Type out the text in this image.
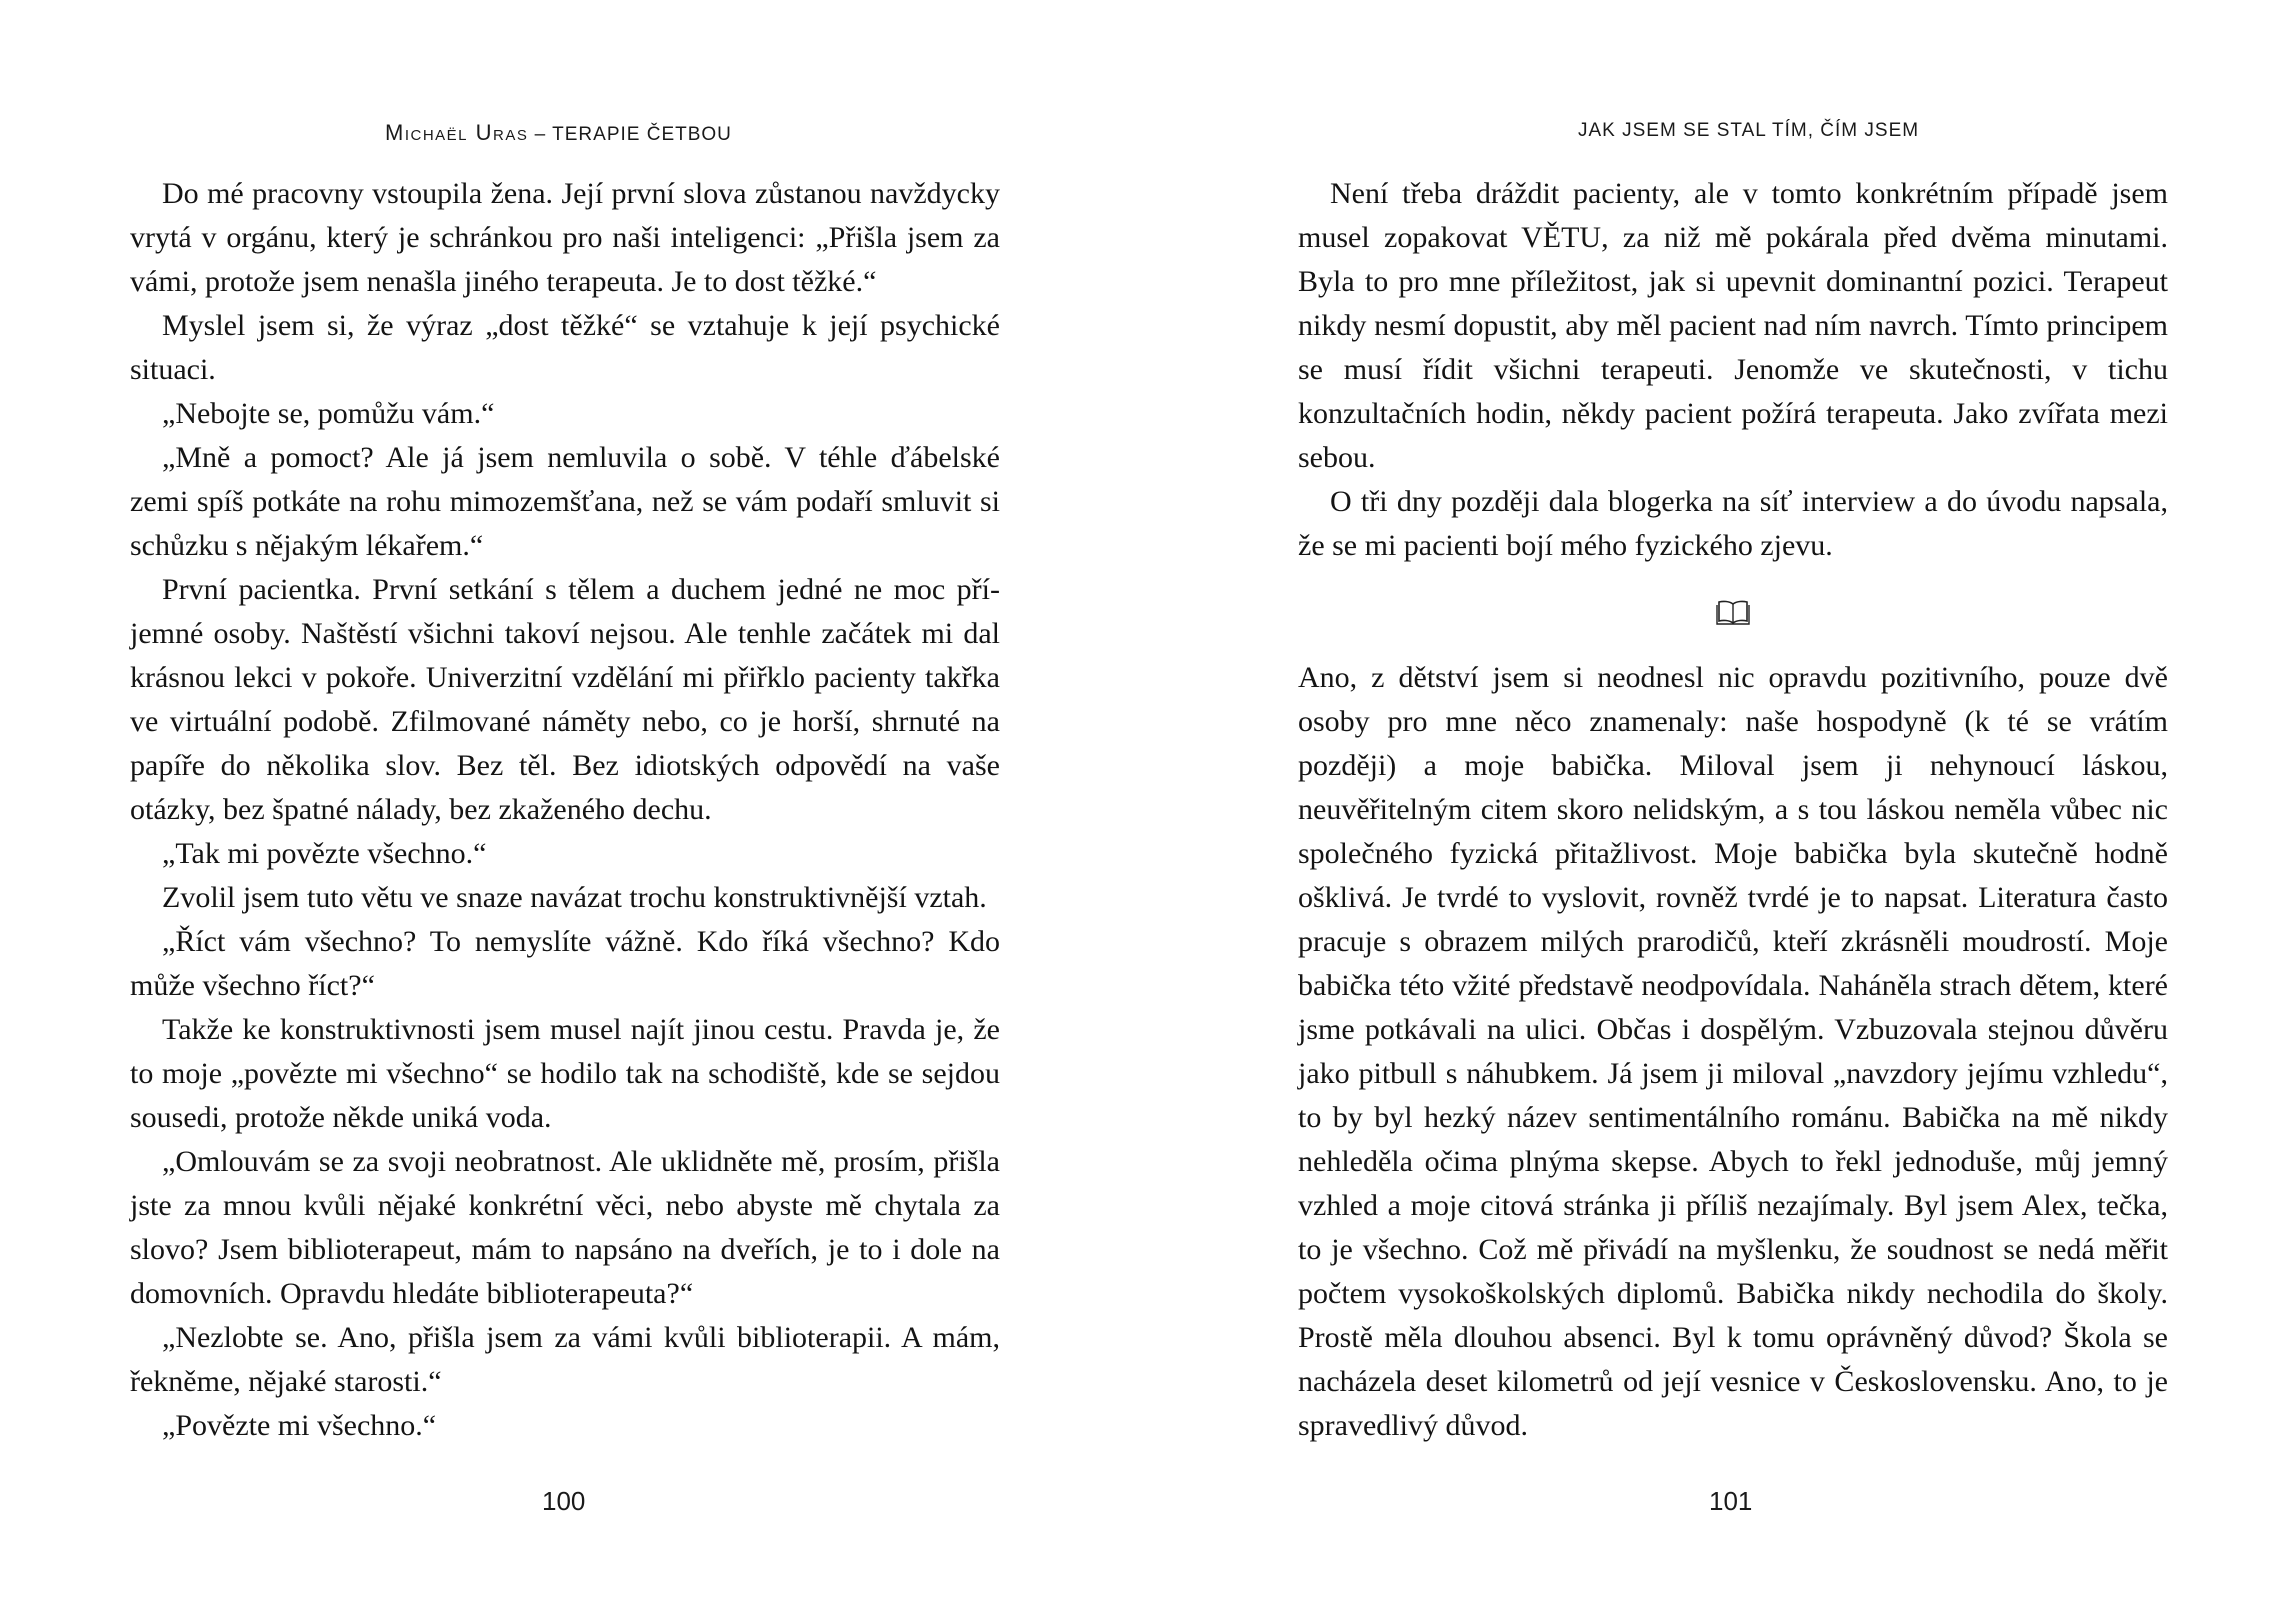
Michaël Uras – TERAPIE ČETBOU

Do mé pracovny vstoupila žena. Její první slova zůstanou navždycky vrytá v orgánu, který je schránkou pro naši inteligenci: „Přišla jsem za vámi, protože jsem nenašla jiného terapeuta. Je to dost těžké.“

Myslel jsem si, že výraz „dost těžké“ se vztahuje k její psychické situaci.

„Nebojte se, pomůžu vám.“

„Mně a pomoct? Ale já jsem nemluvila o sobě. V téhle ďábelské zemi spíš potkáte na rohu mimozemšťana, než se vám podaří smluvit si schůzku s nějakým lékařem.“

První pacientka. První setkání s tělem a duchem jedné ne moc příjemné osoby. Naštěstí všichni takoví nejsou. Ale tenhle začátek mi dal krásnou lekci v pokoře. Univerzitní vzdělání mi přiřklo pacienty takřka ve virtuální podobě. Zfilmované náměty nebo, co je horší, shrnuté na papíře do několika slov. Bez těl. Bez idiotských odpovědí na vaše otázky, bez špatné nálady, bez zkaženého dechu.

„Tak mi povězte všechno.“

Zvolil jsem tuto větu ve snaze navázat trochu konstruktivnější vztah.

„Říct vám všechno? To nemyslíte vážně. Kdo říká všechno? Kdo může všechno říct?“

Takže ke konstruktivnosti jsem musel najít jinou cestu. Pravda je, že to moje „povězte mi všechno“ se hodilo tak na schodiště, kde se sejdou sousedi, protože někde uniká voda.

„Omlouvám se za svoji neobratnost. Ale uklidněte mě, prosím, přišla jste za mnou kvůli nějaké konkrétní věci, nebo abyste mě chytala za slovo? Jsem biblioterapeut, mám to napsáno na dveřích, je to i dole na domovních. Opravdu hledáte biblioterapeuta?“

„Nezlobte se. Ano, přišla jsem za vámi kvůli biblioterapii. A mám, řekněme, nějaké starosti.“

„Povězte mi všechno.“

100
JAK JSEM SE STAL TÍM, ČÍM JSEM

Není třeba dráždit pacienty, ale v tomto konkrétním případě jsem musel zopakovat VĚTU, za niž mě pokárala před dvěma minutami. Byla to pro mne příležitost, jak si upevnit dominantní pozici. Terapeut nikdy nesmí dopustit, aby měl pacient nad ním navrch. Tímto principem se musí řídit všichni terapeuti. Jenomže ve skutečnosti, v tichu konzultačních hodin, někdy pacient požírá terapeuta. Jako zvířata mezi sebou.

O tři dny později dala blogerka na síť interview a do úvodu napsala, že se mi pacienti bojí mého fyzického zjevu.

Ano, z dětství jsem si neodnesl nic opravdu pozitivního, pouze dvě osoby pro mne něco znamenaly: naše hospodyně (k té se vrátím později) a moje babička. Miloval jsem ji nehynoucí láskou, neuvěřitelným citem skoro nelidským, a s tou láskou neměla vůbec nic společného fyzická přitažlivost. Moje babička byla skutečně hodně ošklivá. Je tvrdé to vyslovit, rovněž tvrdé je to napsat. Literatura často pracuje s obrazem milých prarodičů, kteří zkrásněli moudrostí. Moje babička této vžité představě neodpovídala. Naháněla strach dětem, které jsme potkávali na ulici. Občas i dospělým. Vzbuzovala stejnou důvěru jako pitbull s náhubkem. Já jsem ji miloval „navzdory jejímu vzhledu“, to by byl hezký název sentimentálního románu. Babička na mě nikdy nehleděla očima plnýma skepse. Abych to řekl jednoduše, můj jemný vzhled a moje citová stránka ji příliš nezajímaly. Byl jsem Alex, tečka, to je všechno. Což mě přivádí na myšlenku, že soudnost se nedá měřit počtem vysokoškolských diplomů. Babička nikdy nechodila do školy. Prostě měla dlouhou absenci. Byl k tomu oprávněný důvod? Škola se nacházela deset kilometrů od její vesnice v Československu. Ano, to je spravedlivý důvod.

101
